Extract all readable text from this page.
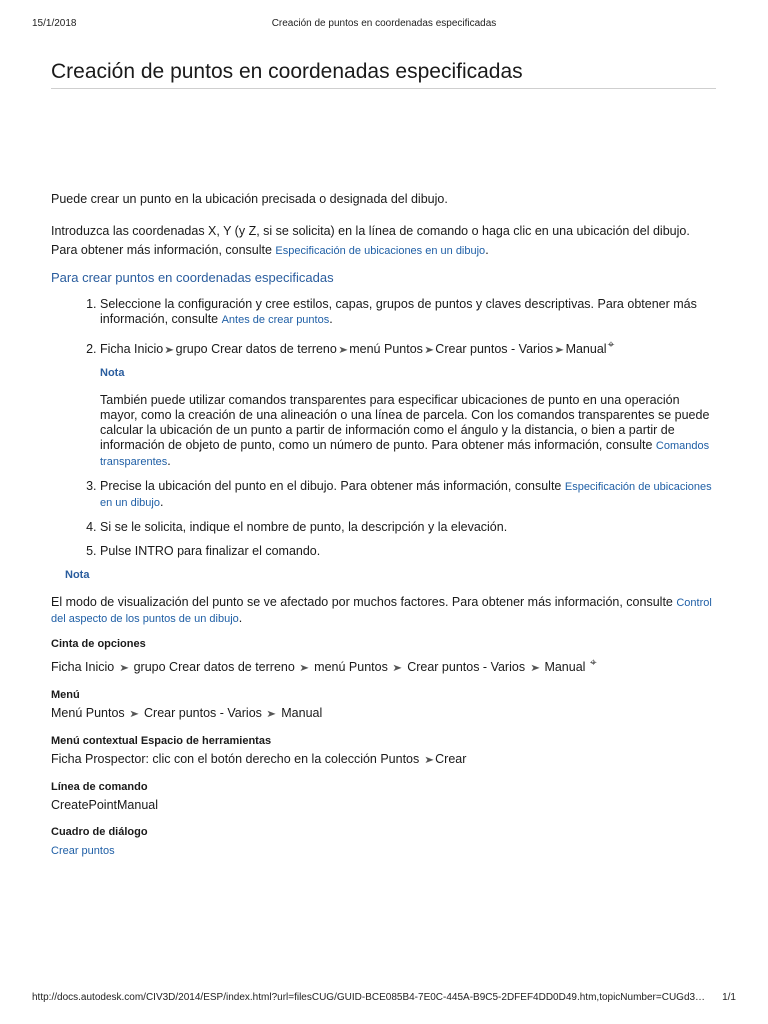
15/1/2018	Creación de puntos en coordenadas especificadas
Creación de puntos en coordenadas especificadas

Puede crear un punto en la ubicación precisada o designada del dibujo.

Introduzca las coordenadas X, Y (y Z, si se solicita) en la línea de comando o haga clic en una ubicación del dibujo.

Para obtener más información, consulte Especificación de ubicaciones en un dibujo.

Para crear puntos en coordenadas especificadas
1. Seleccione la configuración y cree estilos, capas, grupos de puntos y claves descriptivas. Para obtener más información, consulte Antes de crear puntos.
2. Ficha Inicio➤grupo Crear datos de terreno➤menú Puntos➤Crear puntos - Varios➤Manual⌖
Nota

También puede utilizar comandos transparentes para especificar ubicaciones de punto en una operación mayor, como la creación de una alineación o una línea de parcela. Con los comandos transparentes se puede calcular la ubicación de un punto a partir de información como el ángulo y la distancia, o bien a partir de información de objeto de punto, como un número de punto. Para obtener más información, consulte Comandos transparentes.

3. Precise la ubicación del punto en el dibujo. Para obtener más información, consulte Especificación de ubicaciones en un dibujo.
4. Si se le solicita, indique el nombre de punto, la descripción y la elevación.
5. Pulse INTRO para finalizar el comando.
Nota

El modo de visualización del punto se ve afectado por muchos factores. Para obtener más información, consulte Control del aspecto de los puntos de un dibujo.

Cinta de opciones
Ficha Inicio ➤ grupo Crear datos de terreno ➤ menú Puntos ➤ Crear puntos - Varios ➤ Manual ⌖
Menú
Menú Puntos ➤ Crear puntos - Varios ➤ Manual
Menú contextual Espacio de herramientas
Ficha Prospector: clic con el botón derecho en la colección Puntos ➤Crear
Línea de comando
CreatePointManual
Cuadro de diálogo
Crear puntos
http://docs.autodesk.com/CIV3D/2014/ESP/index.html?url=filesCUG/GUID-BCE085B4-7E0C-445A-B9C5-2DFEF4DD0D49.htm,topicNumber=CUGd3…	1/1
